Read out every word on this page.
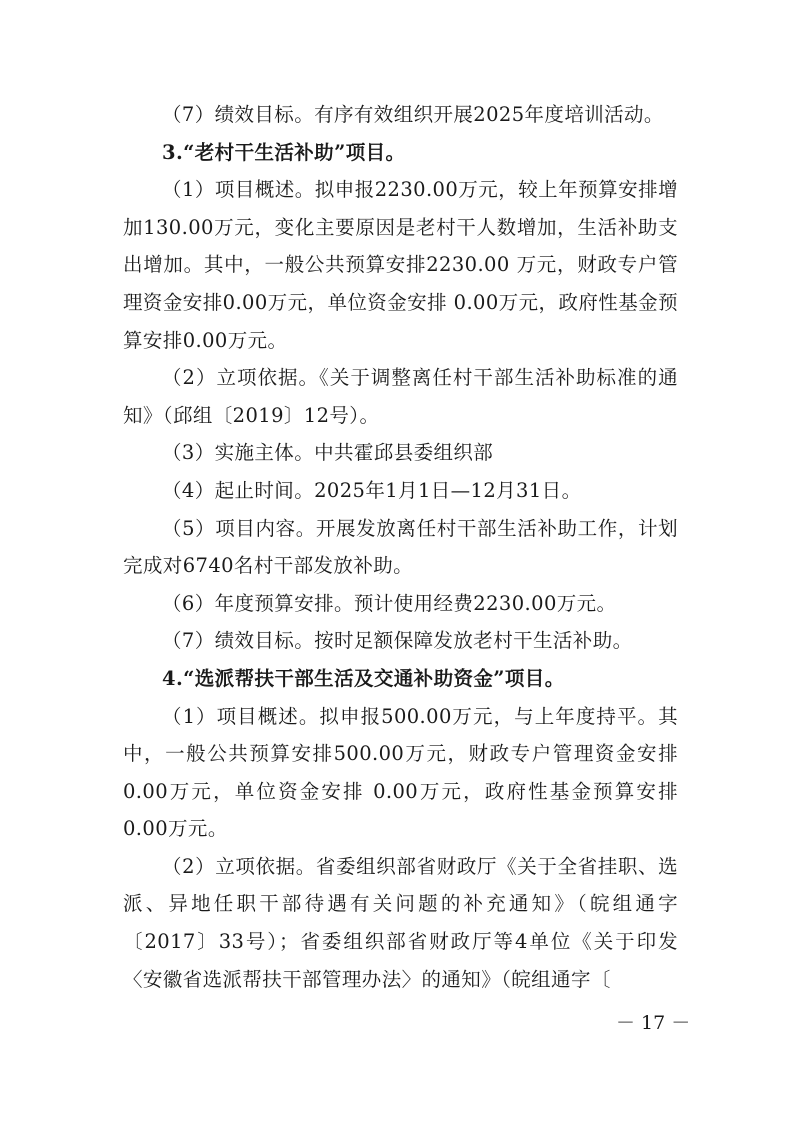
（7）绩效目标。有序有效组织开展2025年度培训活动。

3.“老村干生活补助”项目。

（1）项目概述。拟申报2230.00万元，较上年预算安排增加130.00万元，变化主要原因是老村干人数增加，生活补助支出增加。其中，一般公共预算安排2230.00 万元，财政专户管理资金安排0.00万元，单位资金安排 0.00万元，政府性基金预算安排0.00万元。

（2）立项依据。《关于调整离任村干部生活补助标准的通知》（邱组〔2019〕12号）。

（3）实施主体。中共霍邱县委组织部

（4）起止时间。2025年1月1日—12月31日。

（5）项目内容。开展发放离任村干部生活补助工作，计划完成对6740名村干部发放补助。

（6）年度预算安排。预计使用经费2230.00万元。

（7）绩效目标。按时足额保障发放老村干生活补助。

4.“选派帮扶干部生活及交通补助资金”项目。

（1）项目概述。拟申报500.00万元，与上年度持平。其中，一般公共预算安排500.00万元，财政专户管理资金安排0.00万元，单位资金安排 0.00万元，政府性基金预算安排0.00万元。

（2）立项依据。省委组织部省财政厅《关于全省挂职、选派、异地任职干部待遇有关问题的补充通知》（皖组通字〔2017〕33号）；省委组织部省财政厅等4单位《关于印发〈安徽省选派帮扶干部管理办法〉的通知》（皖组通字〔

－ 17 －
